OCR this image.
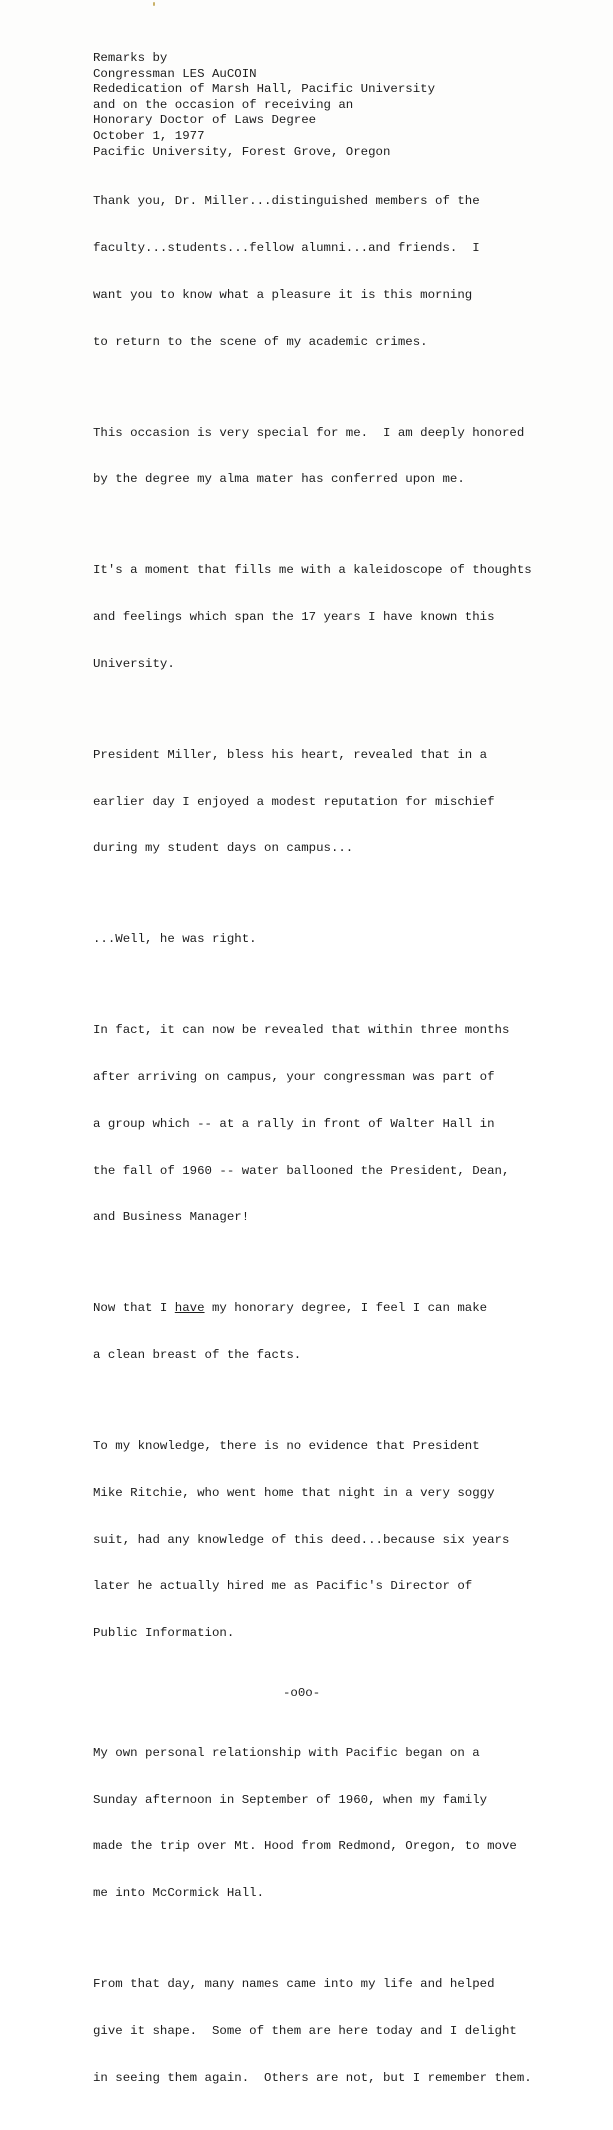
Remarks by
Congressman LES AuCOIN
Rededication of Marsh Hall, Pacific University
and on the occasion of receiving an
Honorary Doctor of Laws Degree
October 1, 1977
Pacific University, Forest Grove, Oregon

Thank you, Dr. Miller...distinguished members of the

faculty...students...fellow alumni...and friends.  I

want you to know what a pleasure it is this morning

to return to the scene of my academic crimes.

This occasion is very special for me.  I am deeply honored

by the degree my alma mater has conferred upon me.

It's a moment that fills me with a kaleidoscope of thoughts

and feelings which span the 17 years I have known this

University.

President Miller, bless his heart, revealed that in a

earlier day I enjoyed a modest reputation for mischief

during my student days on campus...

...Well, he was right.

In fact, it can now be revealed that within three months

after arriving on campus, your congressman was part of

a group which -- at a rally in front of Walter Hall in

the fall of 1960 -- water ballooned the President, Dean,

and Business Manager!

Now that I have my honorary degree, I feel I can make

a clean breast of the facts.

To my knowledge, there is no evidence that President

Mike Ritchie, who went home that night in a very soggy

suit, had any knowledge of this deed...because six years

later he actually hired me as Pacific's Director of

Public Information.

-o0o-

My own personal relationship with Pacific began on a

Sunday afternoon in September of 1960, when my family

made the trip over Mt. Hood from Redmond, Oregon, to move

me into McCormick Hall.

From that day, many names came into my life and helped

give it shape.  Some of them are here today and I delight

in seeing them again.  Others are not, but I remember them.
